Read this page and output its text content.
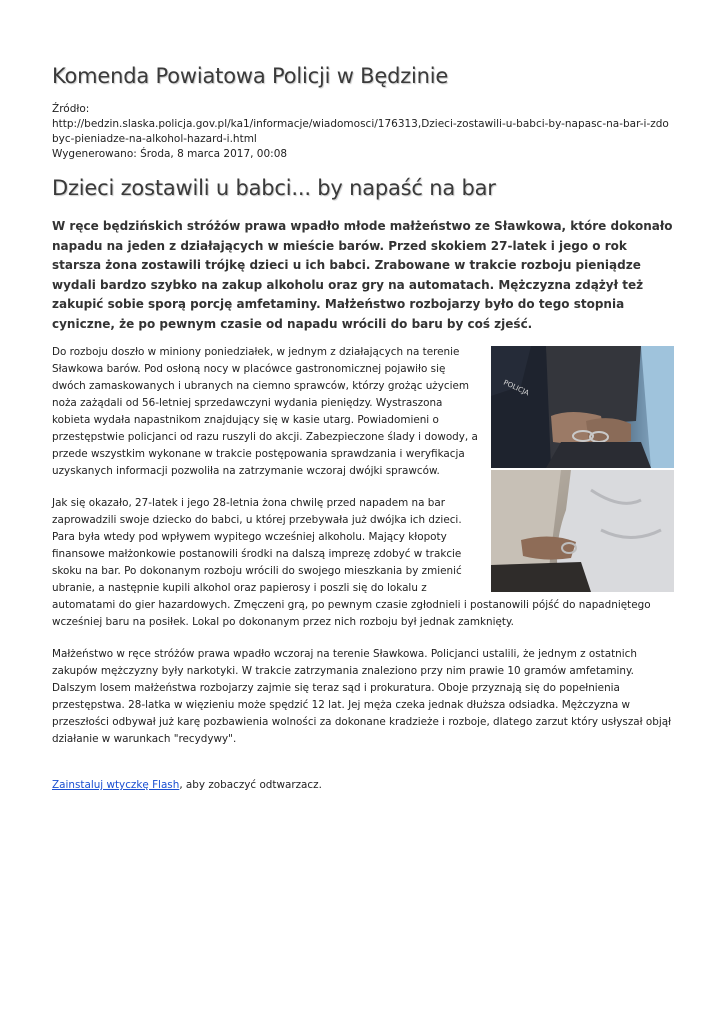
Komenda Powiatowa Policji w Będzinie
Źródło:
http://bedzin.slaska.policja.gov.pl/ka1/informacje/wiadomosci/176313,Dzieci-zostawili-u-babci-by-napasc-na-bar-i-zdobyc-pieniadze-na-alkohol-hazard-i.html
Wygenerowano: Środa, 8 marca 2017, 00:08
Dzieci zostawili u babci... by napaść na bar
W ręce będzińskich stróżów prawa wpadło młode małżeństwo ze Sławkowa, które dokonało napadu na jeden z działających w mieście barów. Przed skokiem 27-latek i jego o rok starsza żona zostawili trójkę dzieci u ich babci. Zrabowane w trakcie rozboju pieniądze wydali bardzo szybko na zakup alkoholu oraz gry na automatach. Mężczyzna zdążył też zakupić sobie sporą porcję amfetaminy. Małżeństwo rozbojarzy było do tego stopnia cyniczne, że po pewnym czasie od napadu wrócili do baru by coś zjeść.
POLICJA

Do rozboju doszło w miniony poniedziałek, w jednym z działających na terenie Sławkowa barów. Pod osłoną nocy w placówce gastronomicznej pojawiło się dwóch zamaskowanych i ubranych na ciemno sprawców, którzy grożąc użyciem noża zażądali od 56-letniej sprzedawczyni wydania pieniędzy. Wystraszona kobieta wydała napastnikom znajdujący się w kasie utarg. Powiadomieni o przestępstwie policjanci od razu ruszyli do akcji. Zabezpieczone ślady i dowody, a przede wszystkim wykonane w trakcie postępowania sprawdzania i weryfikacja uzyskanych informacji pozwoliła na zatrzymanie wczoraj dwójki sprawców.

Jak się okazało, 27-latek i jego 28-letnia żona chwilę przed napadem na bar zaprowadzili swoje dziecko do babci, u której przebywała już dwójka ich dzieci. Para była wtedy pod wpływem wypitego wcześniej alkoholu. Mający kłopoty finansowe małżonkowie postanowili środki na dalszą imprezę zdobyć w trakcie skoku na bar. Po dokonanym rozboju wrócili do swojego mieszkania by zmienić ubranie, a następnie kupili alkohol oraz papierosy i poszli się do lokalu z automatami do gier hazardowych. Zmęczeni grą, po pewnym czasie zgłodnieli i postanowili pójść do napadniętego wcześniej baru na posiłek. Lokal po dokonanym przez nich rozboju był jednak zamknięty.

Małżeństwo w ręce stróżów prawa wpadło wczoraj na terenie Sławkowa. Policjanci ustalili, że jednym z ostatnich zakupów mężczyzny były narkotyki. W trakcie zatrzymania znaleziono przy nim prawie 10 gramów amfetaminy. Dalszym losem małżeństwa rozbojarzy zajmie się teraz sąd i prokuratura. Oboje przyznają się do popełnienia przestępstwa. 28-latka w więzieniu może spędzić 12 lat. Jej męża czeka jednak dłuższa odsiadka. Mężczyzna w przeszłości odbywał już karę pozbawienia wolności za dokonane kradzieże i rozboje, dlatego zarzut który usłyszał objął działanie w warunkach "recydywy".

Zainstaluj wtyczkę Flash, aby zobaczyć odtwarzacz.
